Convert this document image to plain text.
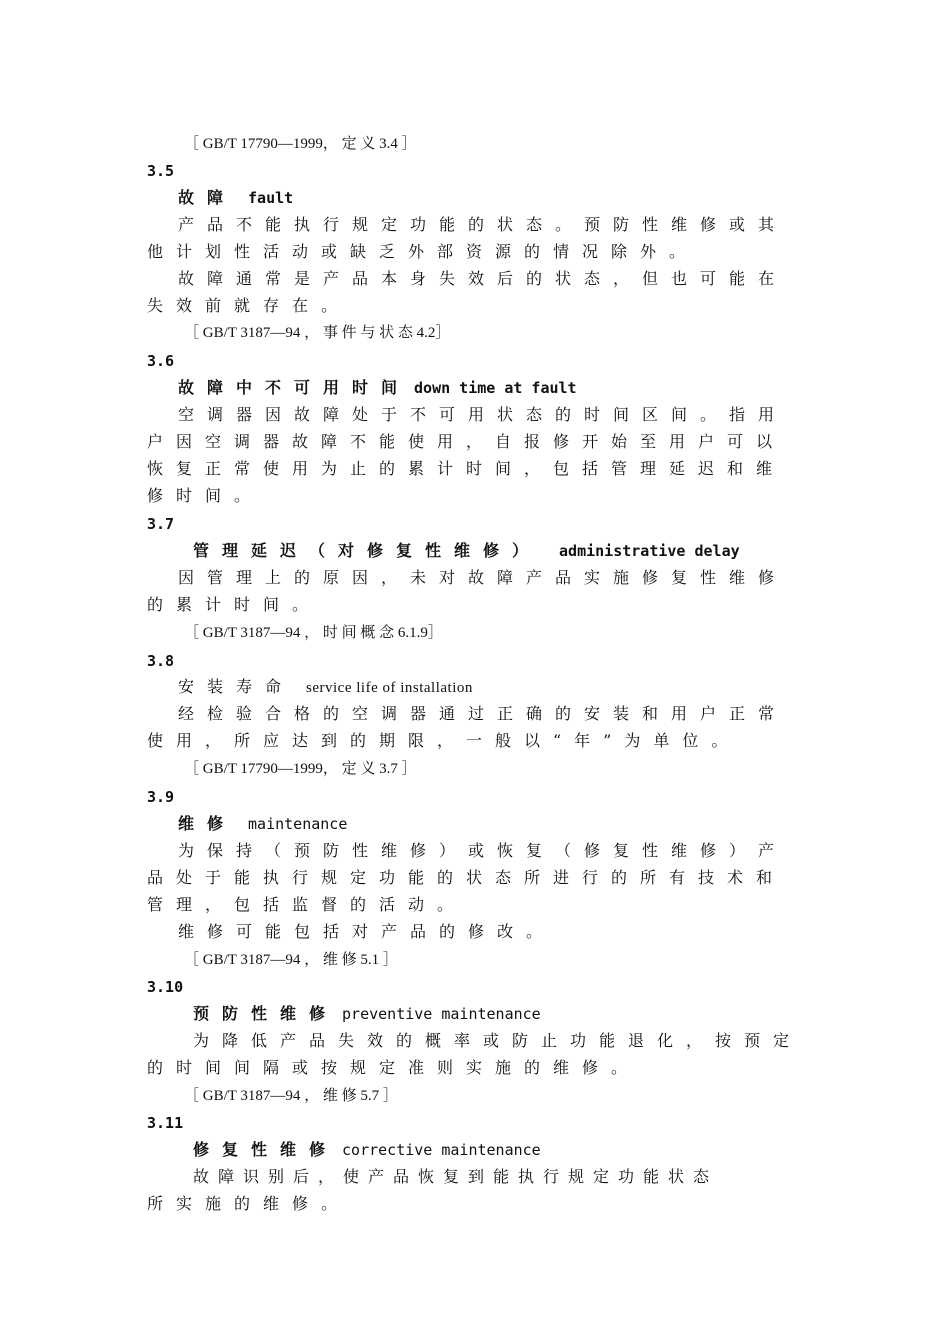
［ GB/T 17790—1999， 定 义 3.4 ］
3.5
故障 fault
产品不能执行规定功能的状态。预防性维修或其
他计划性活动或缺乏外部资源的情况除外。
故障通常是产品本身失效后的状态，但也可能在
失效前就存在。
［ GB/T 3187—94 ， 事 件 与 状 态 4.2］
3.6
故障中不可用时间 down time at fault
空调器因故障处于不可用状态的时间区间。指用
户因空调器故障不能使用，自报修开始至用户可以
恢复正常使用为止的累计时间，包括管理延迟和维
修时间。
3.7
管理延迟（对修复性维修） administrative delay
因管理上的原因，未对故障产品实施修复性维修
的累计时间。
［ GB/T 3187—94 ， 时 间 概 念 6.1.9］
3.8
安装寿命 service life of installation
经检验合格的空调器通过正确的安装和用户正常
使用，所应达到的期限，一般以“年”为单位。
［ GB/T 17790—1999， 定 义 3.7 ］
3.9
维修 maintenance
为保持（预防性维修）或恢复（修复性维修）产
品处于能执行规定功能的状态所进行的所有技术和
管理，包括监督的活动。
维修可能包括对产品的修改。
［ GB/T 3187—94 ， 维 修 5.1 ］
3.10
预防性维修 preventive maintenance
为降低产品失效的概率或防止功能退化，按预定
的时间间隔或按规定准则实施的维修。
［ GB/T 3187—94 ， 维 修 5.7 ］
3.11
修复性维修 corrective maintenance
故障识别后，使产品恢复到能执行规定功能状态
所实施的维修。
